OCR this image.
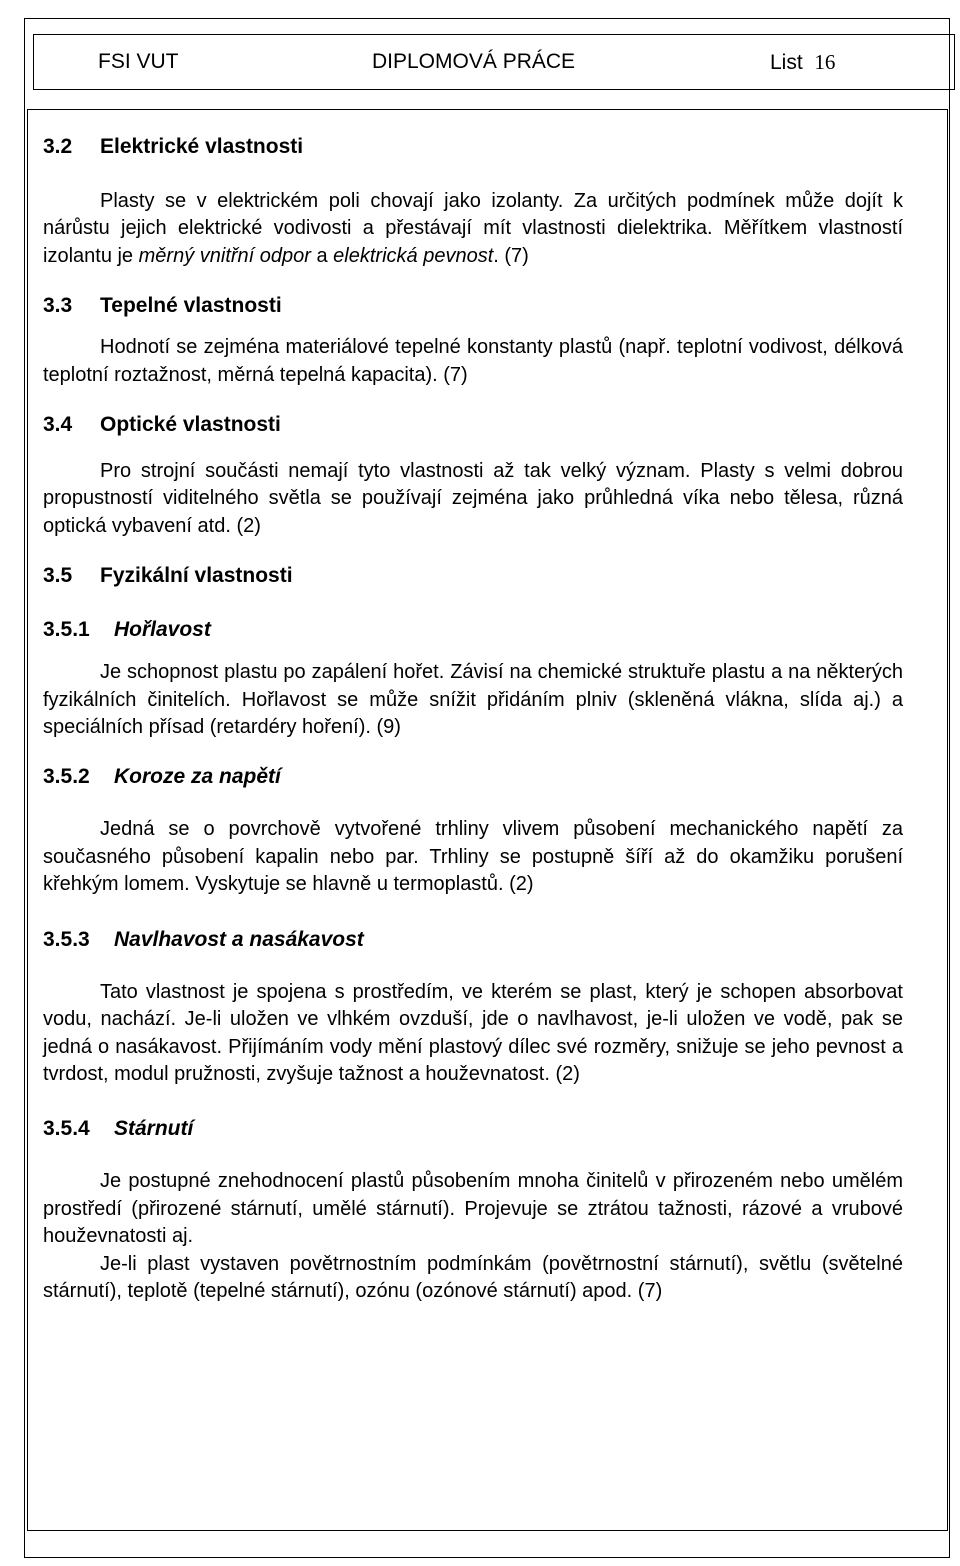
FSI VUT	DIPLOMOVÁ PRÁCE	List 16
3.2 Elektrické vlastnosti

Plasty se v elektrickém poli chovají jako izolanty. Za určitých podmínek může dojít k nárůstu jejich elektrické vodivosti a přestávají mít vlastnosti dielektrika. Měřítkem vlastností izolantu je měrný vnitřní odpor a elektrická pevnost. (7)

3.3 Tepelné vlastnosti

Hodnotí se zejména materiálové tepelné konstanty plastů (např. teplotní vodivost, délková teplotní roztažnost, měrná tepelná kapacita). (7)

3.4 Optické vlastnosti

Pro strojní součásti nemají tyto vlastnosti až tak velký význam. Plasty s velmi dobrou propustností viditelného světla se používají zejména jako průhledná víka nebo tělesa, různá optická vybavení atd. (2)

3.5 Fyzikální vlastnosti
3.5.1 Hořlavost

Je schopnost plastu po zapálení hořet. Závisí na chemické struktuře plastu a na některých fyzikálních činitelích. Hořlavost se může snížit přidáním plniv (skleněná vlákna, slída aj.) a speciálních přísad (retardéry hoření). (9)

3.5.2 Koroze za napětí

Jedná se o povrchově vytvořené trhliny vlivem působení mechanického napětí za současného působení kapalin nebo par. Trhliny se postupně šíří až do okamžiku porušení křehkým lomem. Vyskytuje se hlavně u termoplastů. (2)

3.5.3 Navlhavost a nasákavost

Tato vlastnost je spojena s prostředím, ve kterém se plast, který je schopen absorbovat vodu, nachází. Je-li uložen ve vlhkém ovzduší, jde o navlhavost, je-li uložen ve vodě, pak se jedná o nasákavost. Přijímáním vody mění plastový dílec své rozměry, snižuje se jeho pevnost a tvrdost, modul pružnosti, zvyšuje tažnost a houževnatost. (2)

3.5.4 Stárnutí

Je postupné znehodnocení plastů působením mnoha činitelů v přirozeném nebo umělém prostředí (přirozené stárnutí, umělé stárnutí). Projevuje se ztrátou tažnosti, rázové a vrubové houževnatosti aj.

Je-li plast vystaven povětrnostním podmínkám (povětrnostní stárnutí), světlu (světelné stárnutí), teplotě (tepelné stárnutí), ozónu (ozónové stárnutí) apod. (7)
